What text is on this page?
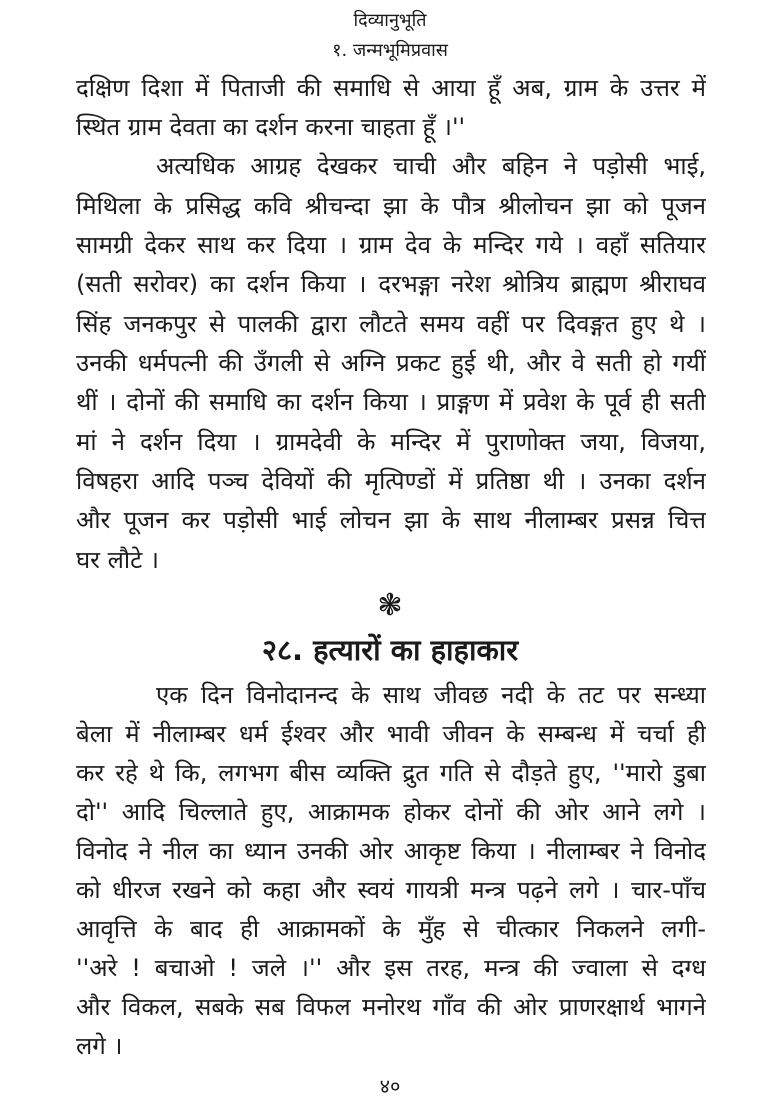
दिव्यानुभूति
१. जन्मभूमिप्रवास
दक्षिण दिशा में पिताजी की समाधि से आया हूँ अब, ग्राम के उत्तर में
स्थित ग्राम देवता का दर्शन करना चाहता हूँ ।''
अत्यधिक आग्रह देखकर चाची और बहिन ने पड़ोसी भाई,
मिथिला के प्रसिद्ध कवि श्रीचन्दा झा के पौत्र श्रीलोचन झा को पूजन
सामग्री देकर साथ कर दिया । ग्राम देव के मन्दिर गये । वहाँ सतियार
(सती सरोवर) का दर्शन किया । दरभङ्गा नरेश श्रोत्रिय ब्राह्मण श्रीराघव
सिंह जनकपुर से पालकी द्वारा लौटते समय वहीं पर दिवङ्गत हुए थे ।
उनकी धर्मपत्नी की उँगली से अग्नि प्रकट हुई थी, और वे सती हो गयीं
थीं । दोनों की समाधि का दर्शन किया । प्राङ्गण में प्रवेश के पूर्व ही सती
मां ने दर्शन दिया । ग्रामदेवी के मन्दिर में पुराणोक्त जया, विजया,
विषहरा आदि पञ्च देवियों की मृत्पिण्डों में प्रतिष्ठा थी । उनका दर्शन
और पूजन कर पड़ोसी भाई लोचन झा के साथ नीलाम्बर प्रसन्न चित्त
घर लौटे ।
❃
२८. हत्यारों का हाहाकार
एक दिन विनोदानन्द के साथ जीवछ नदी के तट पर सन्ध्या
बेला में नीलाम्बर धर्म ईश्वर और भावी जीवन के सम्बन्ध में चर्चा ही
कर रहे थे कि, लगभग बीस व्यक्ति द्रुत गति से दौड़ते हुए, ''मारो डुबा
दो'' आदि चिल्लाते हुए, आक्रामक होकर दोनों की ओर आने लगे ।
विनोद ने नील का ध्यान उनकी ओर आकृष्ट किया । नीलाम्बर ने विनोद
को धीरज रखने को कहा और स्वयं गायत्री मन्त्र पढ़ने लगे । चार-पाँच
आवृत्ति के बाद ही आक्रामकों के मुँह से चीत्कार निकलने लगी-
''अरे ! बचाओ ! जले ।'' और इस तरह, मन्त्र की ज्वाला से दग्ध
और विकल, सबके सब विफल मनोरथ गाँव की ओर प्राणरक्षार्थ भागने
लगे ।
४०
